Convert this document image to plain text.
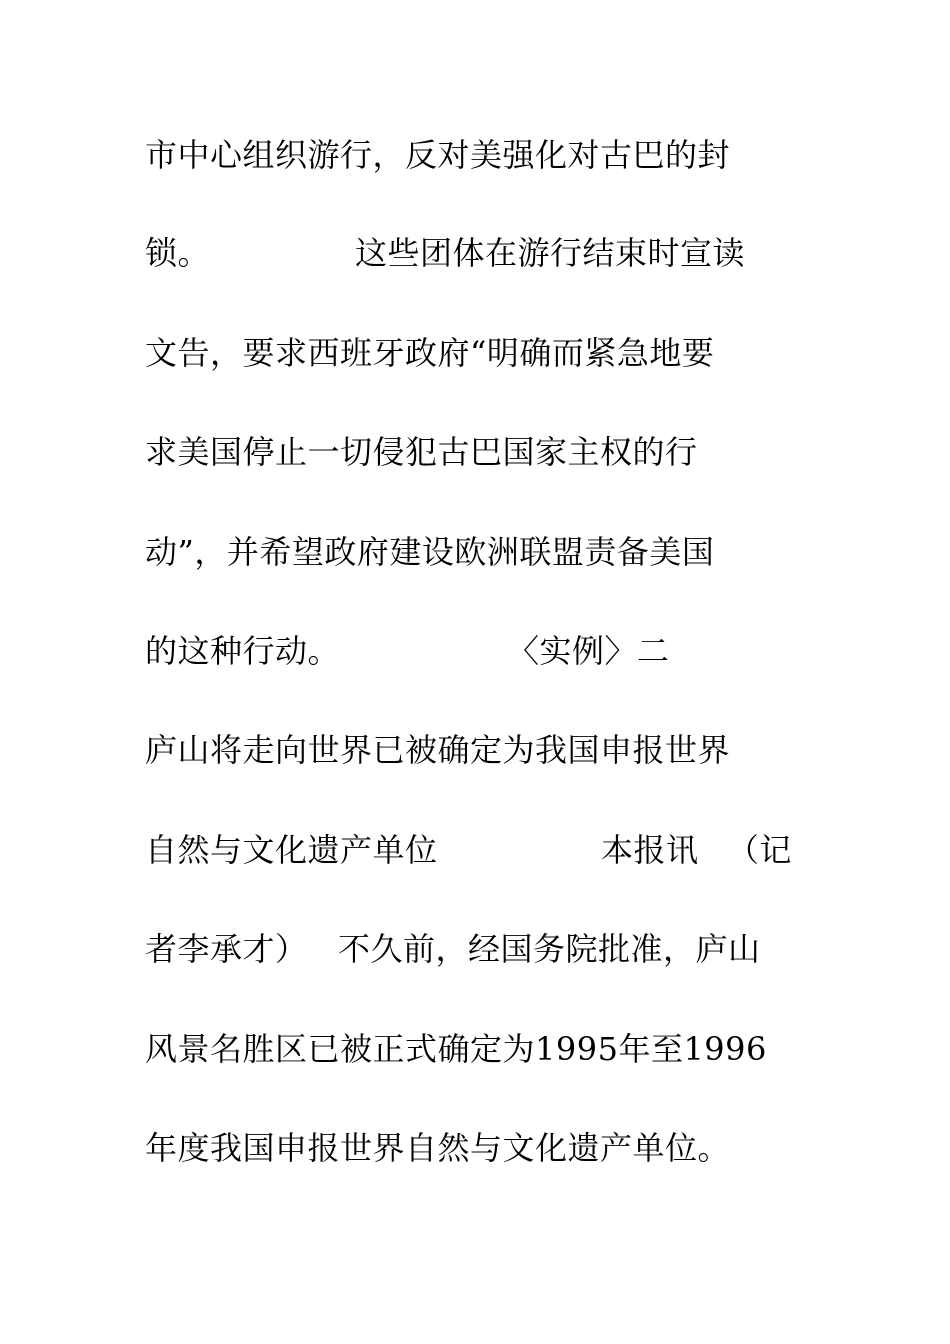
市中心组织游行，反对美强化对古巴的封

锁。

	这些团体在游行结束时宣读

文告，要求西班牙政府“明确而紧急地要
求美国停止一切侵犯古巴国家主权的行
动”，并希望政府建设欧洲联盟责备美国

的这种行动。

	〈实例〉二

庐山将走向世界已被确定为我国申报世界

自然与文化遗产单位

	本报讯

（记

者李承才）

不久前，经国务院批准，庐山

风景名胜区已被正式确定为1995年至1996
年度我国申报世界自然与文化遗产单位。
